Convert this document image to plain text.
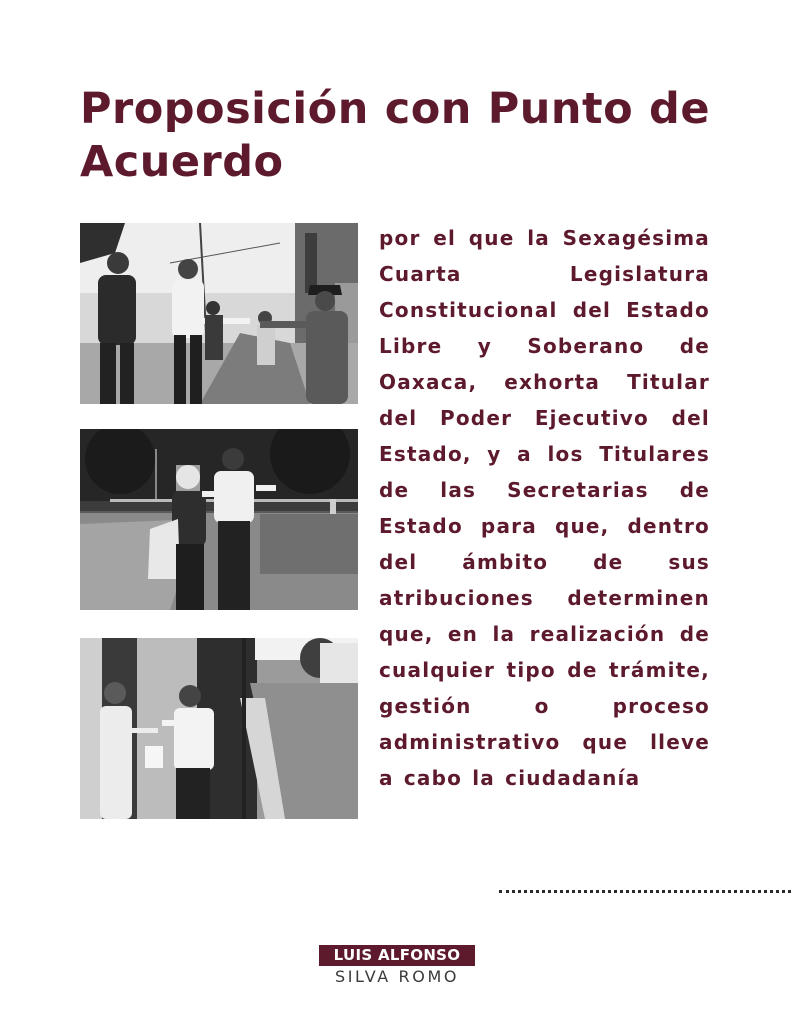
Proposición con Punto de Acuerdo

por el que la Sexagésima Cuarta Legislatura Constitucional del Estado Libre y Soberano de Oaxaca, exhorta Titular del Poder Ejecutivo del Estado, y a los Titulares de las Secretarias de Estado para que, dentro del ámbito de sus atribuciones determinen que, en la realización de cualquier tipo de trámite, gestión o proceso administrativo que lleve a cabo la ciudadanía

LUIS ALFONSO
SILVA ROMO
